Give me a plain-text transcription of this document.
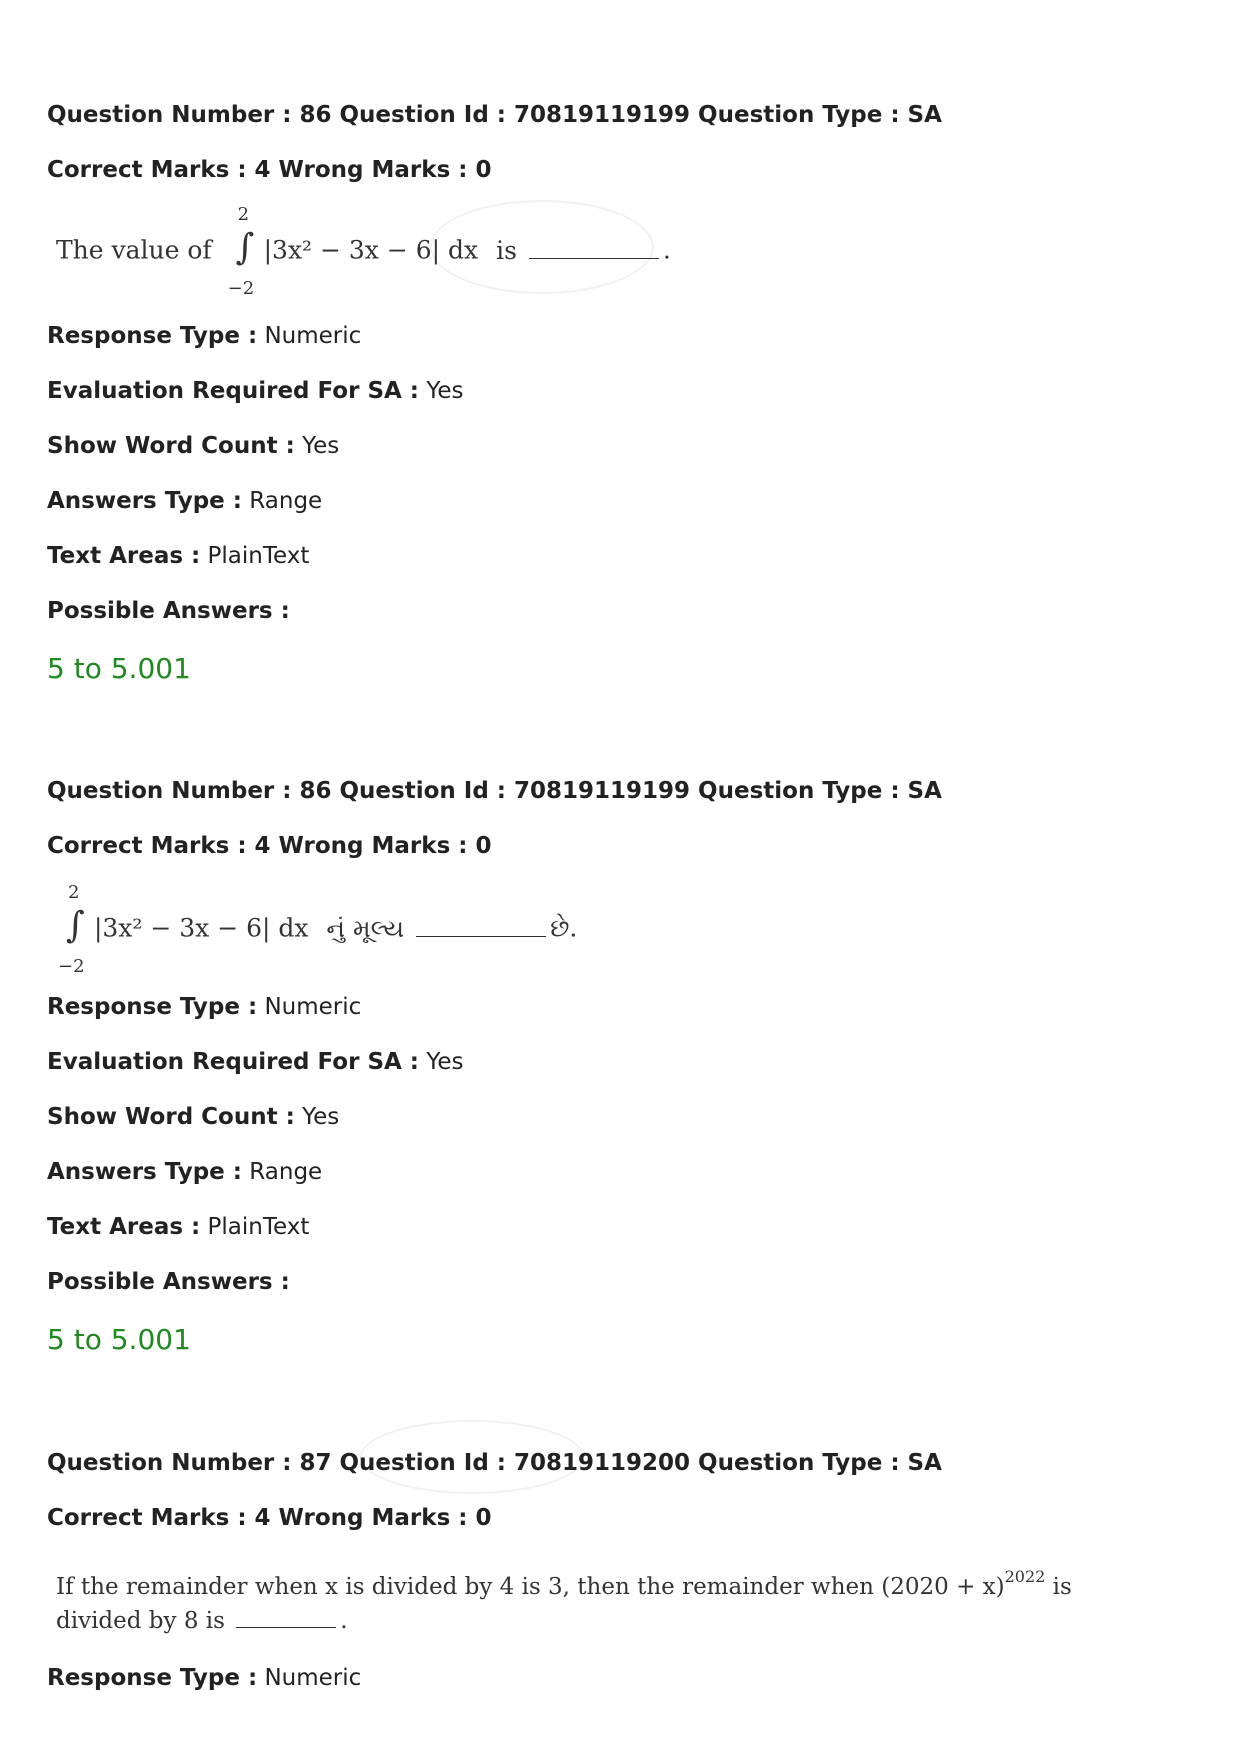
Question Number : 86 Question Id : 70819119199 Question Type : SA
Correct Marks : 4 Wrong Marks : 0
The value of
2
∫
−2
|3x² − 3x − 6| dx is	.
Response Type : Numeric
Evaluation Required For SA : Yes
Show Word Count : Yes
Answers Type : Range
Text Areas : PlainText
Possible Answers :
5 to 5.001
Question Number : 86 Question Id : 70819119199 Question Type : SA
Correct Marks : 4 Wrong Marks : 0
2
∫
−2
|3x² − 3x − 6| dx નું મૂલ્ય	છે.
Response Type : Numeric
Evaluation Required For SA : Yes
Show Word Count : Yes
Answers Type : Range
Text Areas : PlainText
Possible Answers :
5 to 5.001
Question Number : 87 Question Id : 70819119200 Question Type : SA
Correct Marks : 4 Wrong Marks : 0
If the remainder when x is divided by 4 is 3, then the remainder when $(2020 + x)^{2022}$ is
divided by 8 is	.
Response Type : Numeric
